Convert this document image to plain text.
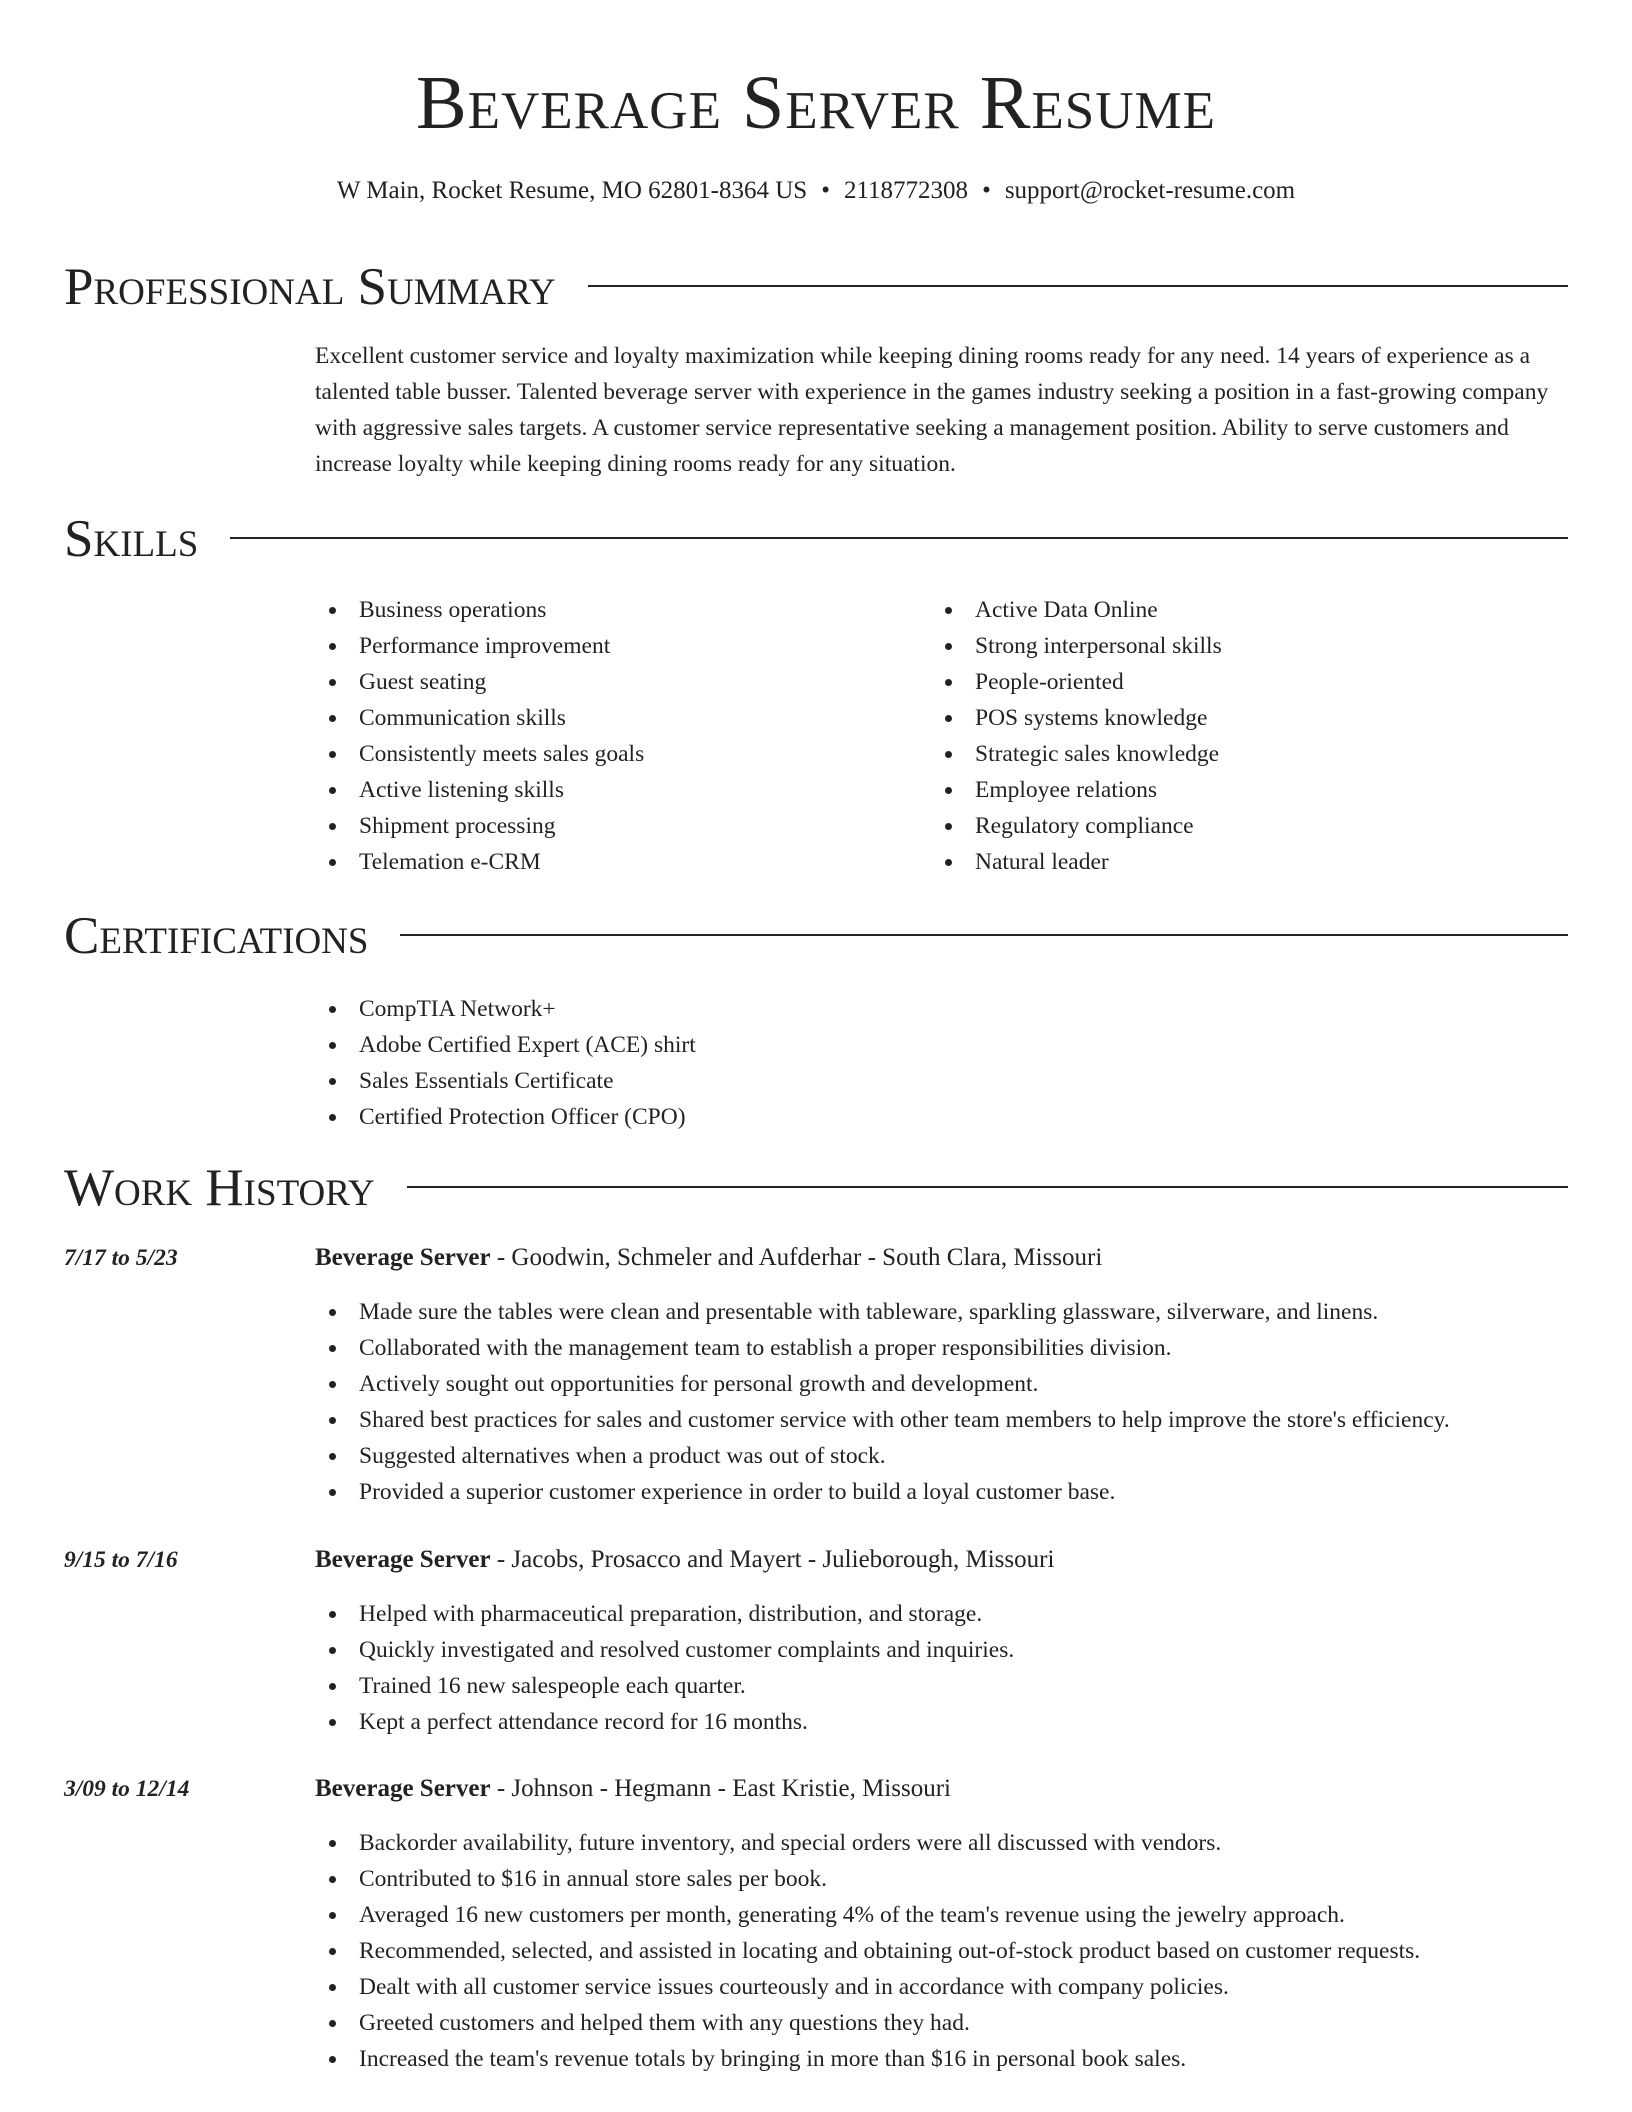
Beverage Server Resume
W Main, Rocket Resume, MO 62801-8364 US • 2118772308 • support@rocket-resume.com
Professional Summary
Excellent customer service and loyalty maximization while keeping dining rooms ready for any need. 14 years of experience as a talented table busser. Talented beverage server with experience in the games industry seeking a position in a fast-growing company with aggressive sales targets. A customer service representative seeking a management position. Ability to serve customers and increase loyalty while keeping dining rooms ready for any situation.
Skills
Business operations
Performance improvement
Guest seating
Communication skills
Consistently meets sales goals
Active listening skills
Shipment processing
Telemation e-CRM
Active Data Online
Strong interpersonal skills
People-oriented
POS systems knowledge
Strategic sales knowledge
Employee relations
Regulatory compliance
Natural leader
Certifications
CompTIA Network+
Adobe Certified Expert (ACE) shirt
Sales Essentials Certificate
Certified Protection Officer (CPO)
Work History
7/17 to 5/23	Beverage Server - Goodwin, Schmeler and Aufderhar - South Clara, Missouri
Made sure the tables were clean and presentable with tableware, sparkling glassware, silverware, and linens.
Collaborated with the management team to establish a proper responsibilities division.
Actively sought out opportunities for personal growth and development.
Shared best practices for sales and customer service with other team members to help improve the store's efficiency.
Suggested alternatives when a product was out of stock.
Provided a superior customer experience in order to build a loyal customer base.
9/15 to 7/16	Beverage Server - Jacobs, Prosacco and Mayert - Julieborough, Missouri
Helped with pharmaceutical preparation, distribution, and storage.
Quickly investigated and resolved customer complaints and inquiries.
Trained 16 new salespeople each quarter.
Kept a perfect attendance record for 16 months.
3/09 to 12/14	Beverage Server - Johnson - Hegmann - East Kristie, Missouri
Backorder availability, future inventory, and special orders were all discussed with vendors.
Contributed to $16 in annual store sales per book.
Averaged 16 new customers per month, generating 4% of the team's revenue using the jewelry approach.
Recommended, selected, and assisted in locating and obtaining out-of-stock product based on customer requests.
Dealt with all customer service issues courteously and in accordance with company policies.
Greeted customers and helped them with any questions they had.
Increased the team's revenue totals by bringing in more than $16 in personal book sales.
